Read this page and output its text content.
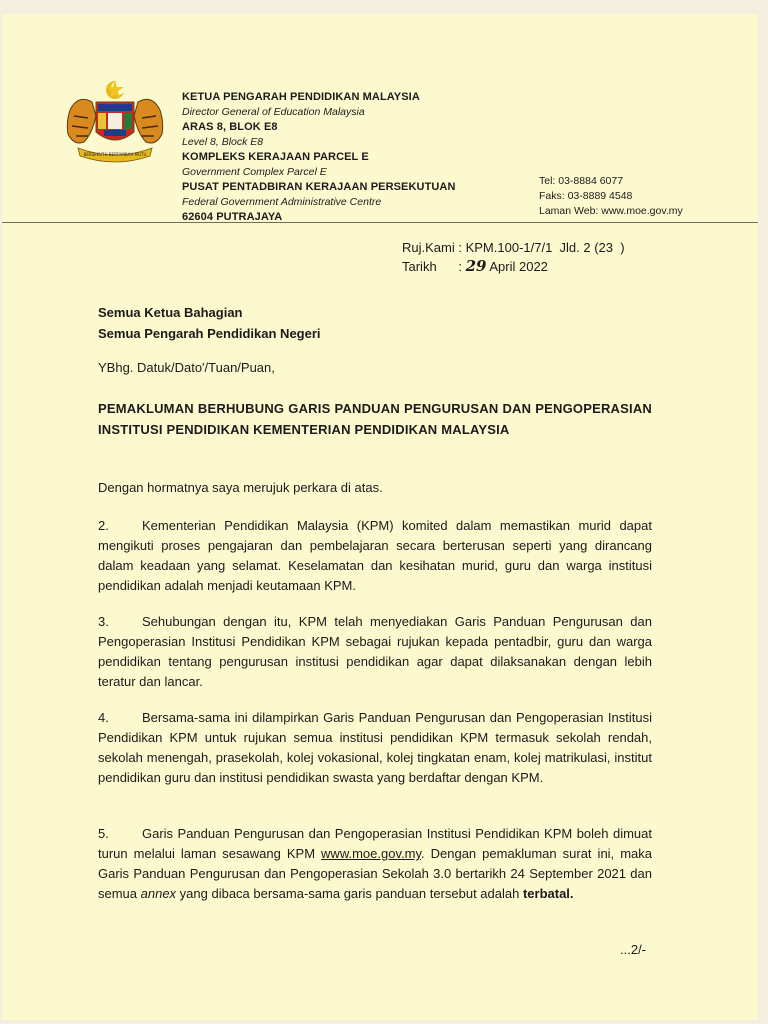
BERSEKUTU BERTAMBAH MUTU
KETUA PENGARAH PENDIDIKAN MALAYSIA
Director General of Education Malaysia
ARAS 8, BLOK E8
Level 8, Block E8
KOMPLEKS KERAJAAN PARCEL E
Government Complex Parcel E
PUSAT PENTADBIRAN KERAJAAN PERSEKUTUAN
Federal Government Administrative Centre
62604 PUTRAJAYA
Tel: 03-8884 6077
Faks: 03-8889 4548
Laman Web: www.moe.gov.my
Ruj.Kami : KPM.100-1/7/1  Jld. 2 (23  )
Tarikh      : 29 April 2022
Semua Ketua Bahagian
Semua Pengarah Pendidikan Negeri
YBhg. Datuk/Dato'/Tuan/Puan,
PEMAKLUMAN BERHUBUNG GARIS PANDUAN PENGURUSAN DAN PENGOPERASIAN INSTITUSI PENDIDIKAN KEMENTERIAN PENDIDIKAN MALAYSIA
Dengan hormatnya saya merujuk perkara di atas.
2.	Kementerian Pendidikan Malaysia (KPM) komited dalam memastikan murid dapat mengikuti proses pengajaran dan pembelajaran secara berterusan seperti yang dirancang dalam keadaan yang selamat. Keselamatan dan kesihatan murid, guru dan warga institusi pendidikan adalah menjadi keutamaan KPM.
3.	Sehubungan dengan itu, KPM telah menyediakan Garis Panduan Pengurusan dan Pengoperasian Institusi Pendidikan KPM sebagai rujukan kepada pentadbir, guru dan warga pendidikan tentang pengurusan institusi pendidikan agar dapat dilaksanakan dengan lebih teratur dan lancar.
4.	Bersama-sama ini dilampirkan Garis Panduan Pengurusan dan Pengoperasian Institusi Pendidikan KPM untuk rujukan semua institusi pendidikan KPM termasuk sekolah rendah, sekolah menengah, prasekolah, kolej vokasional, kolej tingkatan enam, kolej matrikulasi, institut pendidikan guru dan institusi pendidikan swasta yang berdaftar dengan KPM.
5.	Garis Panduan Pengurusan dan Pengoperasian Institusi Pendidikan KPM boleh dimuat turun melalui laman sesawang KPM www.moe.gov.my. Dengan pemakluman surat ini, maka Garis Panduan Pengurusan dan Pengoperasian Sekolah 3.0 bertarikh 24 September 2021 dan semua annex yang dibaca bersama-sama garis panduan tersebut adalah terbatal.
...2/-
